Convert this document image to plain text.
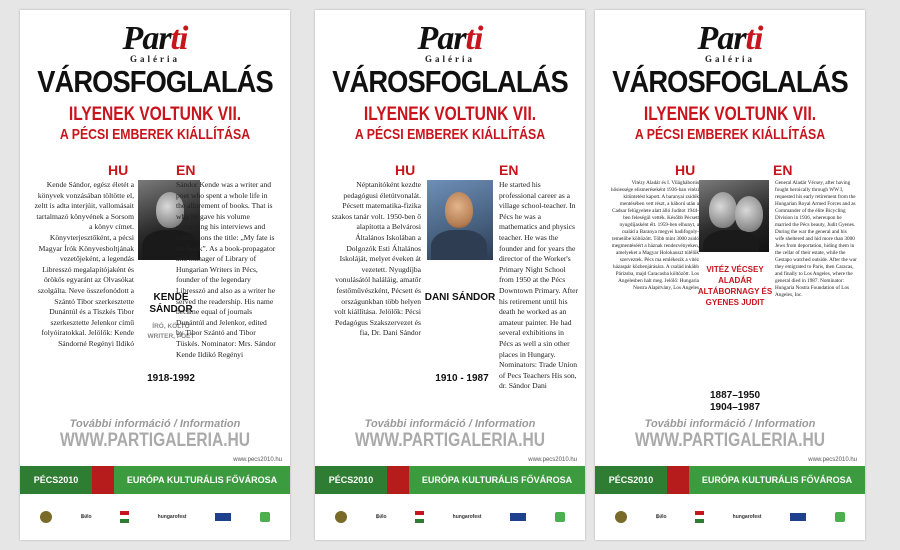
Parti
Galéria
VÁROSFOGLALÁS
ILYENEK VOLTUNK VII.
A PÉCSI EMBEREK KIÁLLÍTÁSA
HU	EN
Kende Sándor, egész életét a könyvek vonzásában töltötte el, zeltt is adta interjúit, vallomásait tartalmazó könyvének a Sorsom a könyv címet. Könyvterjesztőként, a pécsi Magyar Írók Könyvesboltjának vezetőjeként, a legendás Libresszó megalapítójaként és örökös egyaránt az Olvasókat szolgálta. Neve összefonódott a Szántó Tibor szerkesztette Dunántúl és a Tiszkés Tibor szerkesztette Jelenkor című folyóiratokkal. Jelölők: Kende Sándorné Regényi Ildikó
KENDE SÁNDOR
ÍRÓ, KÖLTŐ
WRITER, POET
1918-1992
Sándor Kende was a writer and poet who spent a whole life in the allurement of books. That is why he gave his volume containing his interviews and confessions the title: „My fate is the book”. As a book-propagator and manager of Library of Hungarian Writers in Pécs, founder of the legendary Libresszó and also as a writer he served the readership. His name became equal of journals Dunántúl and Jelenkor, edited by Tibor Szántó and Tibor Tüskés. Nominator: Mrs. Sándor Kende Ildikó Regényi
További információ / Information
WWW.PARTIGALERIA.HU
www.pecs2010.hu
PÉCS2010	EURÓPA KULTURÁLIS FŐVÁROSA
ↁ∂lo	hungarofest
Parti
Galéria
VÁROSFOGLALÁS
ILYENEK VOLTUNK VII.
A PÉCSI EMBEREK KIÁLLÍTÁSA
HU	EN
Néptanítóként kezdte pedagógusi életútvonalát. Pécsett matematika-fizika szakos tanár volt. 1950-ben ő alapította a Belvárosi Általános Iskolában a Dolgozók Esti Általános Iskoláját, melyet éveken át vezetett. Nyugdíjba vonulásától haláláig, amatőr festőművészként, Pécsett és országunkban több helyen volt kiállítása. Jelölők: Pécsi Pedagógus Szakszervezet és fia, Dr. Dani Sándor
DANI SÁNDOR
1910 - 1987
He started his professional career as a village school-teacher. In Pécs he was a mathematics and physics teacher. He was the founder and for years the director of the Worker's Primary Night School from 1950 at the Pécs Downtown Primary. After his retirement until his death he worked as an amateur painter. He had several exhibitions in Pécs as well a sin other places in Hungary. Nominators: Trade Union of Pecs Teachers His son, dr. Sándor Dani
További információ / Information
WWW.PARTIGALERIA.HU
www.pecs2010.hu
PÉCS2010	EURÓPA KULTURÁLIS FŐVÁROSA
ↁ∂lo	hungarofest
Parti
Galéria
VÁROSFOGLALÁS
ILYENEK VOLTUNK VII.
A PÉCSI EMBEREK KIÁLLÍTÁSA
HU	EN
Vitézy Aladár és I. Világháborús hősiessége elismeréseként 1936-ban vitézi kitüntetést kapott. A baranyai zsidók mentésében vett részt, a háború után a Cadsar felügyelete alatt álló Juditot 1944-ben feleségül vették. Később Pécsett nyugdíjasként élt. 1959-ben elhunyt, a család a Baranya megyei hadifogoly-temetőbe költözött. Több mint 3000 zsidó megmentéséért a háznak rendezvényeken, amelyeket a Magyar Holokauszt túlélők szerveztek. Pécs ma emlékezik a vitéz házaspár közbenjárására. A család inkább Párizsba, majd Caracasba költözött. Los Angelesben halt meg. Jelölő: Hungaria Nostra Alapítvány, Los Angeles
VITÉZ VÉCSEY ALADÁR ALTÁBORNAGY ÉS GYENES JUDIT
1887–1950 1904–1987
General Aladár Vécsey, after having fought heroically through WW I, requested his early retirement from the Hungarian Royal Armed Forces and as Commander of the élite Bicycling Division in 1936, whereupon he married the Pécs beauty, Judit Gyenes. During the war the general and his wife sheltered and hid more than 3000 Jews from deportation, hiding them in the cellar of their estate, while the Gestapo watched outside. After the war they emigrated to Paris, then Caracas, and finally to Los Angeles, where the general died in 1987. Nominator: Hungaria Nostra Foundation of Los Angeles, Inc.
További információ / Information
WWW.PARTIGALERIA.HU
www.pecs2010.hu
PÉCS2010	EURÓPA KULTURÁLIS FŐVÁROSA
ↁ∂lo	hungarofest
